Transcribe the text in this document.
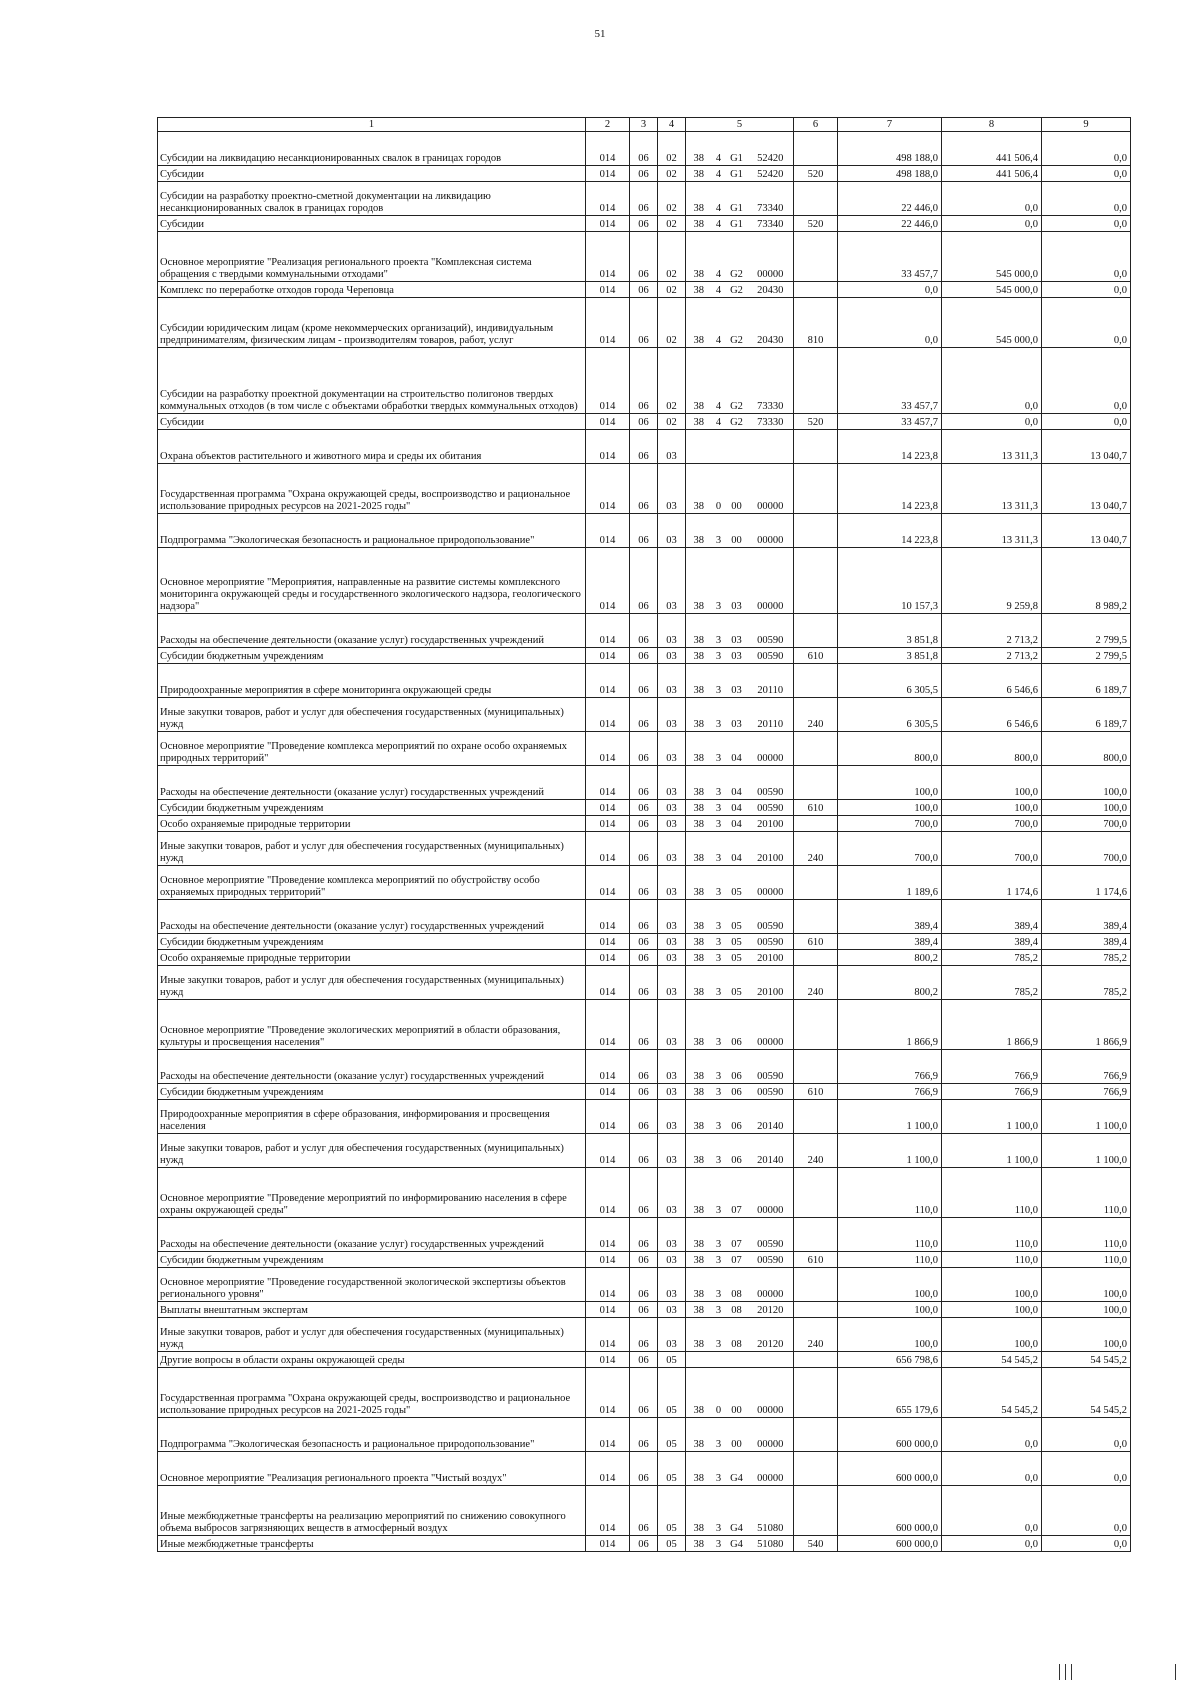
51
1	2	3	4	5				6	7	8	9
Субсидии на ликвидацию несанкционированных свалок в границах городов	014	06	02	38	4	G1	52420		498 188,0	441 506,4	0,0
Субсидии	014	06	02	38	4	G1	52420	520	498 188,0	441 506,4	0,0
Субсидии на разработку проектно-сметной документации на ликвидацию несанкционированных свалок в границах городов	014	06	02	38	4	G1	73340		22 446,0	0,0	0,0
Субсидии	014	06	02	38	4	G1	73340	520	22 446,0	0,0	0,0
Основное мероприятие "Реализация регионального проекта "Комплексная система обращения с твердыми коммунальными отходами"	014	06	02	38	4	G2	00000		33 457,7	545 000,0	0,0
Комплекс по переработке отходов города Череповца	014	06	02	38	4	G2	20430		0,0	545 000,0	0,0
Субсидии юридическим лицам (кроме некоммерческих организаций), индивидуальным предпринимателям, физическим лицам - производителям товаров, работ, услуг	014	06	02	38	4	G2	20430	810	0,0	545 000,0	0,0
Субсидии на разработку проектной документации на строительство полигонов твердых коммунальных отходов (в том числе с объектами обработки твердых коммунальных отходов)	014	06	02	38	4	G2	73330		33 457,7	0,0	0,0
Субсидии	014	06	02	38	4	G2	73330	520	33 457,7	0,0	0,0
Охрана объектов растительного и животного мира и среды их обитания	014	06	03						14 223,8	13 311,3	13 040,7
Государственная программа "Охрана окружающей среды, воспроизводство и рациональное использование природных ресурсов на 2021-2025 годы"	014	06	03	38	0	00	00000		14 223,8	13 311,3	13 040,7
Подпрограмма "Экологическая безопасность и рациональное природопользование"	014	06	03	38	3	00	00000		14 223,8	13 311,3	13 040,7
Основное мероприятие "Мероприятия, направленные на развитие системы комплексного мониторинга окружающей среды и государственного экологического надзора, геологического надзора"	014	06	03	38	3	03	00000		10 157,3	9 259,8	8 989,2
Расходы на обеспечение деятельности (оказание услуг) государственных учреждений	014	06	03	38	3	03	00590		3 851,8	2 713,2	2 799,5
Субсидии бюджетным учреждениям	014	06	03	38	3	03	00590	610	3 851,8	2 713,2	2 799,5
Природоохранные мероприятия в сфере мониторинга окружающей среды	014	06	03	38	3	03	20110		6 305,5	6 546,6	6 189,7
Иные закупки товаров, работ и услуг для обеспечения государственных (муниципальных) нужд	014	06	03	38	3	03	20110	240	6 305,5	6 546,6	6 189,7
Основное мероприятие "Проведение комплекса мероприятий по охране особо охраняемых природных территорий"	014	06	03	38	3	04	00000		800,0	800,0	800,0
Расходы на обеспечение деятельности (оказание услуг) государственных учреждений	014	06	03	38	3	04	00590		100,0	100,0	100,0
Субсидии бюджетным учреждениям	014	06	03	38	3	04	00590	610	100,0	100,0	100,0
Особо охраняемые природные территории	014	06	03	38	3	04	20100		700,0	700,0	700,0
Иные закупки товаров, работ и услуг для обеспечения государственных (муниципальных) нужд	014	06	03	38	3	04	20100	240	700,0	700,0	700,0
Основное мероприятие "Проведение комплекса мероприятий по обустройству особо охраняемых природных территорий"	014	06	03	38	3	05	00000		1 189,6	1 174,6	1 174,6
Расходы на обеспечение деятельности (оказание услуг) государственных учреждений	014	06	03	38	3	05	00590		389,4	389,4	389,4
Субсидии бюджетным учреждениям	014	06	03	38	3	05	00590	610	389,4	389,4	389,4
Особо охраняемые природные территории	014	06	03	38	3	05	20100		800,2	785,2	785,2
Иные закупки товаров, работ и услуг для обеспечения государственных (муниципальных) нужд	014	06	03	38	3	05	20100	240	800,2	785,2	785,2
Основное мероприятие "Проведение экологических мероприятий в области образования, культуры и просвещения населения"	014	06	03	38	3	06	00000		1 866,9	1 866,9	1 866,9
Расходы на обеспечение деятельности (оказание услуг) государственных учреждений	014	06	03	38	3	06	00590		766,9	766,9	766,9
Субсидии бюджетным учреждениям	014	06	03	38	3	06	00590	610	766,9	766,9	766,9
Природоохранные мероприятия в сфере образования, информирования и просвещения населения	014	06	03	38	3	06	20140		1 100,0	1 100,0	1 100,0
Иные закупки товаров, работ и услуг для обеспечения государственных (муниципальных) нужд	014	06	03	38	3	06	20140	240	1 100,0	1 100,0	1 100,0
Основное мероприятие "Проведение мероприятий по информированию населения в сфере охраны окружающей среды"	014	06	03	38	3	07	00000		110,0	110,0	110,0
Расходы на обеспечение деятельности (оказание услуг) государственных учреждений	014	06	03	38	3	07	00590		110,0	110,0	110,0
Субсидии бюджетным учреждениям	014	06	03	38	3	07	00590	610	110,0	110,0	110,0
Основное мероприятие "Проведение государственной экологической экспертизы объектов регионального уровня"	014	06	03	38	3	08	00000		100,0	100,0	100,0
Выплаты внештатным экспертам	014	06	03	38	3	08	20120		100,0	100,0	100,0
Иные закупки товаров, работ и услуг для обеспечения государственных (муниципальных) нужд	014	06	03	38	3	08	20120	240	100,0	100,0	100,0
Другие вопросы в области охраны окружающей среды	014	06	05						656 798,6	54 545,2	54 545,2
Государственная программа "Охрана окружающей среды, воспроизводство и рациональное использование природных ресурсов на 2021-2025 годы"	014	06	05	38	0	00	00000		655 179,6	54 545,2	54 545,2
Подпрограмма "Экологическая безопасность и рациональное природопользование"	014	06	05	38	3	00	00000		600 000,0	0,0	0,0
Основное мероприятие "Реализация регионального проекта "Чистый воздух"	014	06	05	38	3	G4	00000		600 000,0	0,0	0,0
Иные межбюджетные трансферты на реализацию мероприятий по снижению совокупного объема выбросов загрязняющих веществ в атмосферный воздух	014	06	05	38	3	G4	51080		600 000,0	0,0	0,0
Иные межбюджетные трансферты	014	06	05	38	3	G4	51080	540	600 000,0	0,0	0,0
